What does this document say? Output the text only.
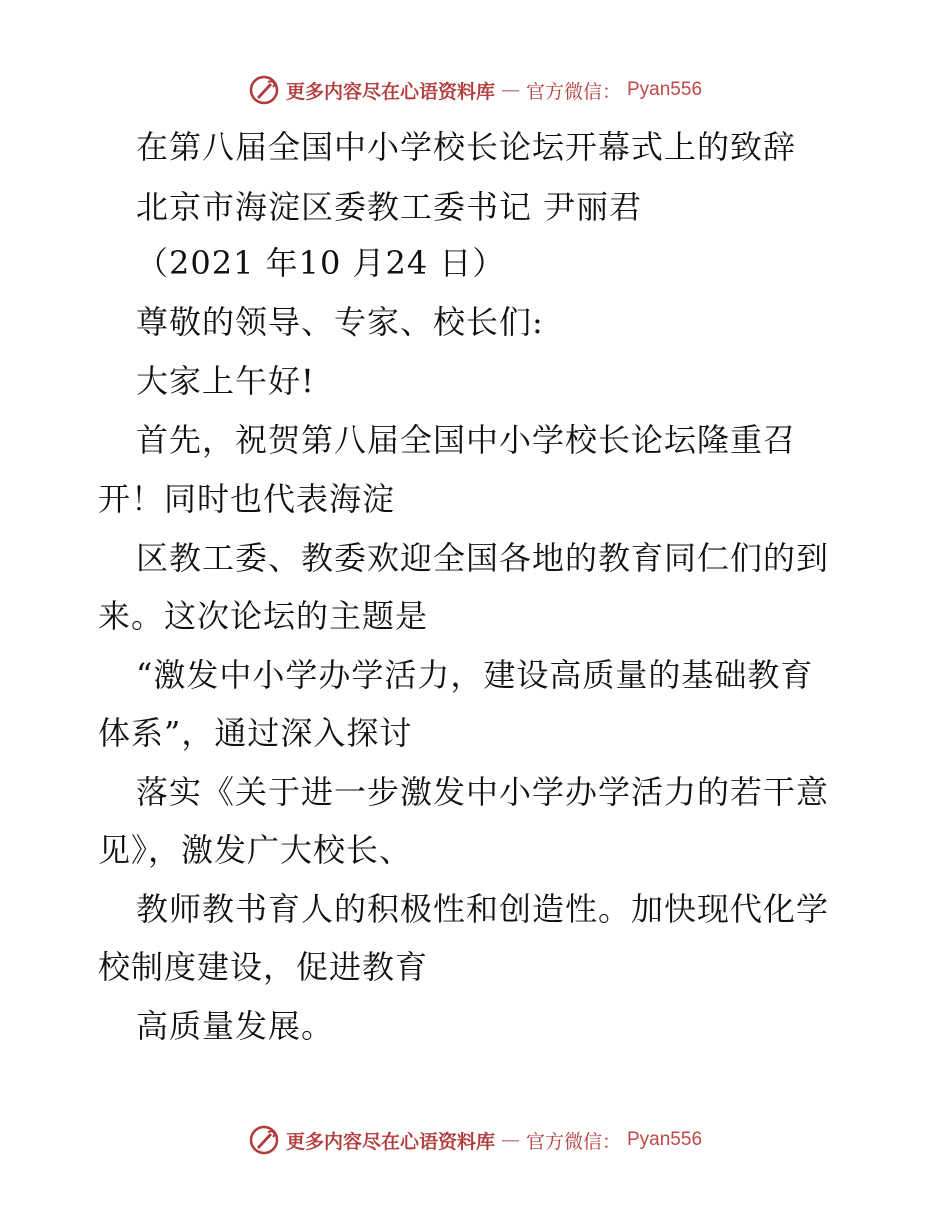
更多内容尽在心语资料库 — 官方微信： Pyan556
在第八届全国中小学校长论坛开幕式上的致辞
北京市海淀区委教工委书记 尹丽君
（2021 年10 月24 日）
尊敬的领导、专家、校长们:
大家上午好!
首先，祝贺第八届全国中小学校长论坛隆重召
开！同时也代表海淀
区教工委、教委欢迎全国各地的教育同仁们的到
来。这次论坛的主题是
“激发中小学办学活力，建设高质量的基础教育
体系”，通过深入探讨
落实《关于进一步激发中小学办学活力的若干意
见》，激发广大校长、
教师教书育人的积极性和创造性。加快现代化学
校制度建设，促进教育
高质量发展。
更多内容尽在心语资料库 — 官方微信： Pyan556
